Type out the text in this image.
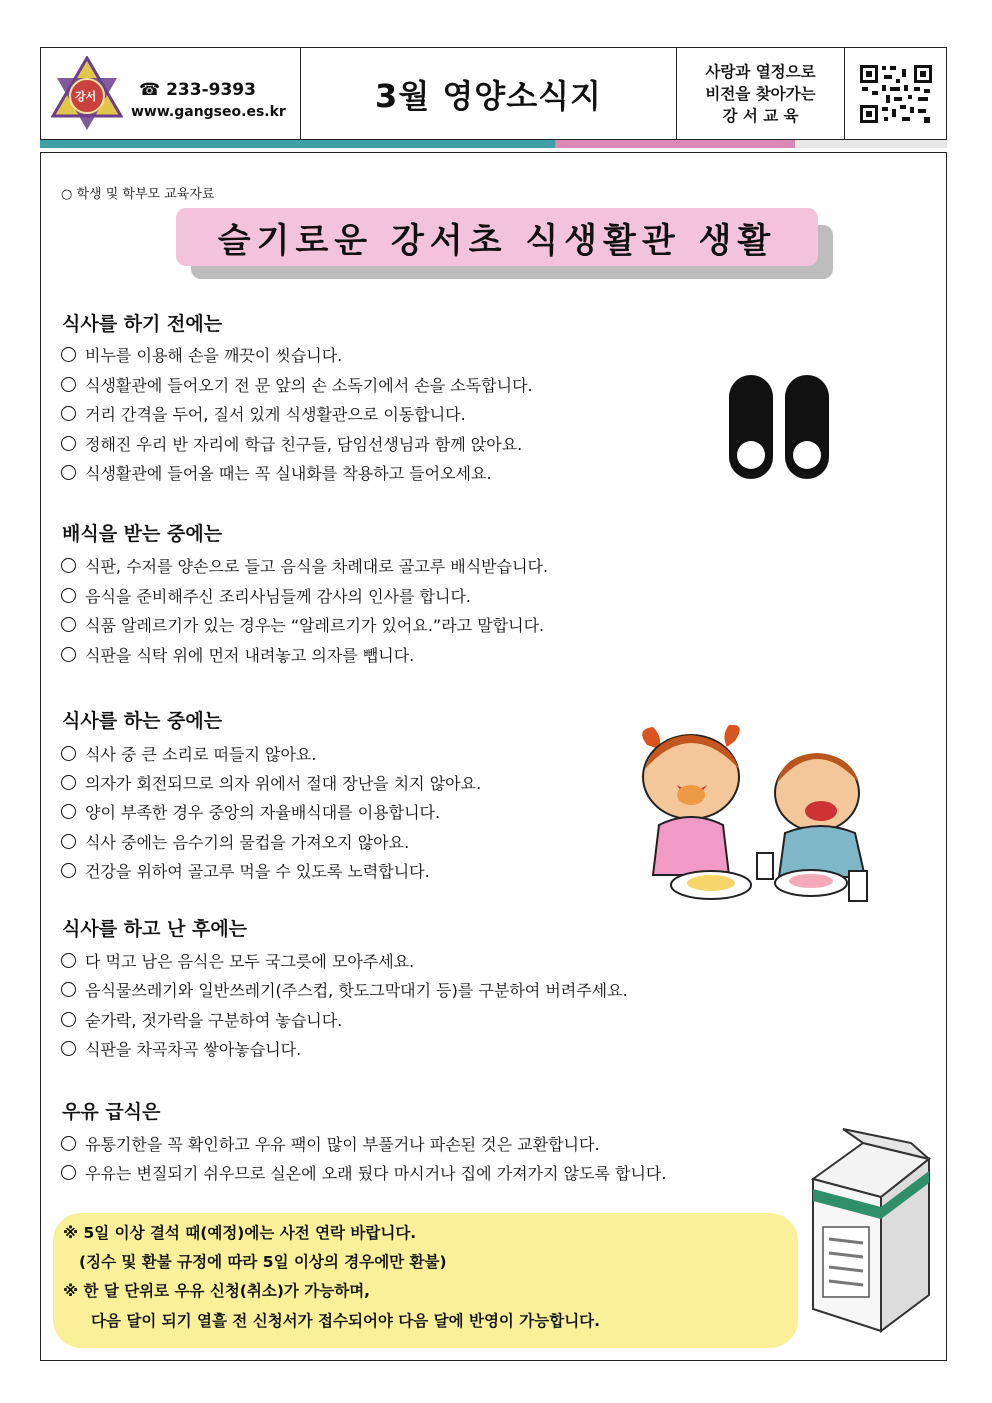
강서	☎ 233-9393
www.gangseo.es.kr	3월 영양소식지
사랑과 열정으로
비전을 찾아가는
강 서 교 육
○ 학생 및 학부모 교육자료
슬기로운 강서초 식생활관 생활
식사를 하기 전에는
비누를 이용해 손을 깨끗이 씻습니다.
식생활관에 들어오기 전 문 앞의 손 소독기에서 손을 소독합니다.
거리 간격을 두어, 질서 있게 식생활관으로 이동합니다.
정해진 우리 반 자리에 학급 친구들, 담임선생님과 함께 앉아요.
식생활관에 들어올 때는 꼭 실내화를 착용하고 들어오세요.
배식을 받는 중에는
식판, 수저를 양손으로 들고 음식을 차례대로 골고루 배식받습니다.
음식을 준비해주신 조리사님들께 감사의 인사를 합니다.
식품 알레르기가 있는 경우는 “알레르기가 있어요.”라고 말합니다.
식판을 식탁 위에 먼저 내려놓고 의자를 뺍니다.
식사를 하는 중에는
식사 중 큰 소리로 떠들지 않아요.
의자가 회전되므로 의자 위에서 절대 장난을 치지 않아요.
양이 부족한 경우 중앙의 자율배식대를 이용합니다.
식사 중에는 음수기의 물컵을 가져오지 않아요.
건강을 위하여 골고루 먹을 수 있도록 노력합니다.
식사를 하고 난 후에는
다 먹고 남은 음식은 모두 국그릇에 모아주세요.
음식물쓰레기와 일반쓰레기(주스컵, 핫도그막대기 등)를 구분하여 버려주세요.
숟가락, 젓가락을 구분하여 놓습니다.
식판을 차곡차곡 쌓아놓습니다.
우유 급식은
유통기한을 꼭 확인하고 우유 팩이 많이 부풀거나 파손된 것은 교환합니다.
우유는 변질되기 쉬우므로 실온에 오래 뒀다 마시거나 집에 가져가지 않도록 합니다.
※ 5일 이상 결석 때(예정)에는 사전 연락 바랍니다.
(징수 및 환불 규정에 따라 5일 이상의 경우에만 환불)
※ 한 달 단위로 우유 신청(취소)가 가능하며,
다음 달이 되기 열흘 전 신청서가 접수되어야 다음 달에 반영이 가능합니다.
